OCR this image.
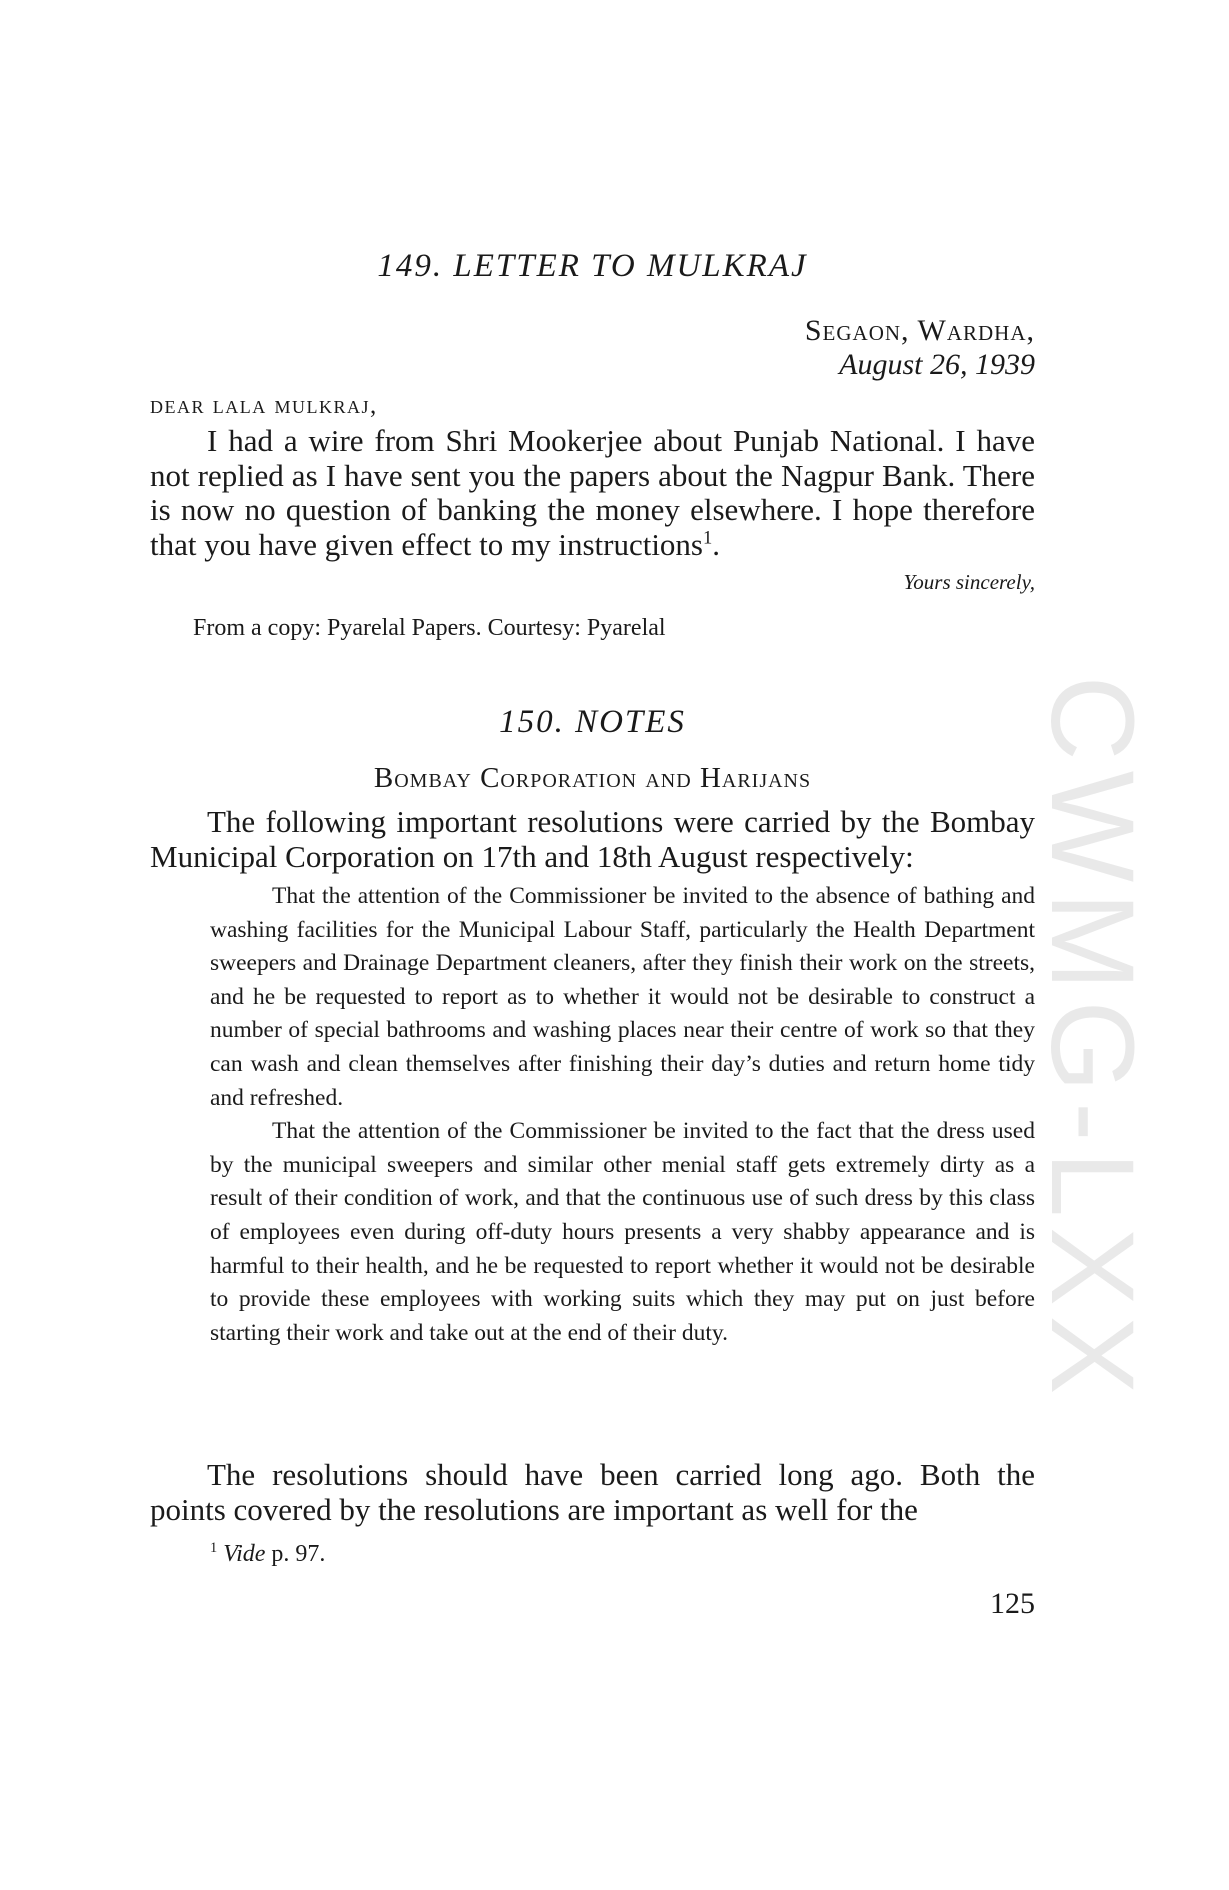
CWMG-LXX
149. LETTER TO MULKRAJ
Segaon, Wardha,
August 26, 1939
dear lala mulkraj,

I had a wire from Shri Mookerjee about Punjab National. I have not replied as I have sent you the papers about the Nagpur Bank. There is now no question of banking the money elsewhere. I hope therefore that you have given effect to my instructions$^1$.

Yours sincerely,
From a copy: Pyarelal Papers. Courtesy: Pyarelal
150. NOTES
Bombay Corporation and Harijans

The following important resolutions were carried by the Bombay Municipal Corporation on 17th and 18th August respectively:

That the attention of the Commissioner be invited to the absence of bathing and washing facilities for the Municipal Labour Staff, particularly the Health Department sweepers and Drainage Department cleaners, after they finish their work on the streets, and he be requested to report as to whether it would not be desirable to construct a number of special bathrooms and washing places near their centre of work so that they can wash and clean themselves after finishing their day’s duties and return home tidy and refreshed.

That the attention of the Commissioner be invited to the fact that the dress used by the municipal sweepers and similar other menial staff gets extremely dirty as a result of their condition of work, and that the continuous use of such dress by this class of employees even during off-duty hours presents a very shabby appearance and is harmful to their health, and he be requested to report whether it would not be desirable to provide these employees with working suits which they may put on just before starting their work and take out at the end of their duty.

The resolutions should have been carried long ago. Both the points covered by the resolutions are important as well for the

$^1$ Vide p. 97.
125
